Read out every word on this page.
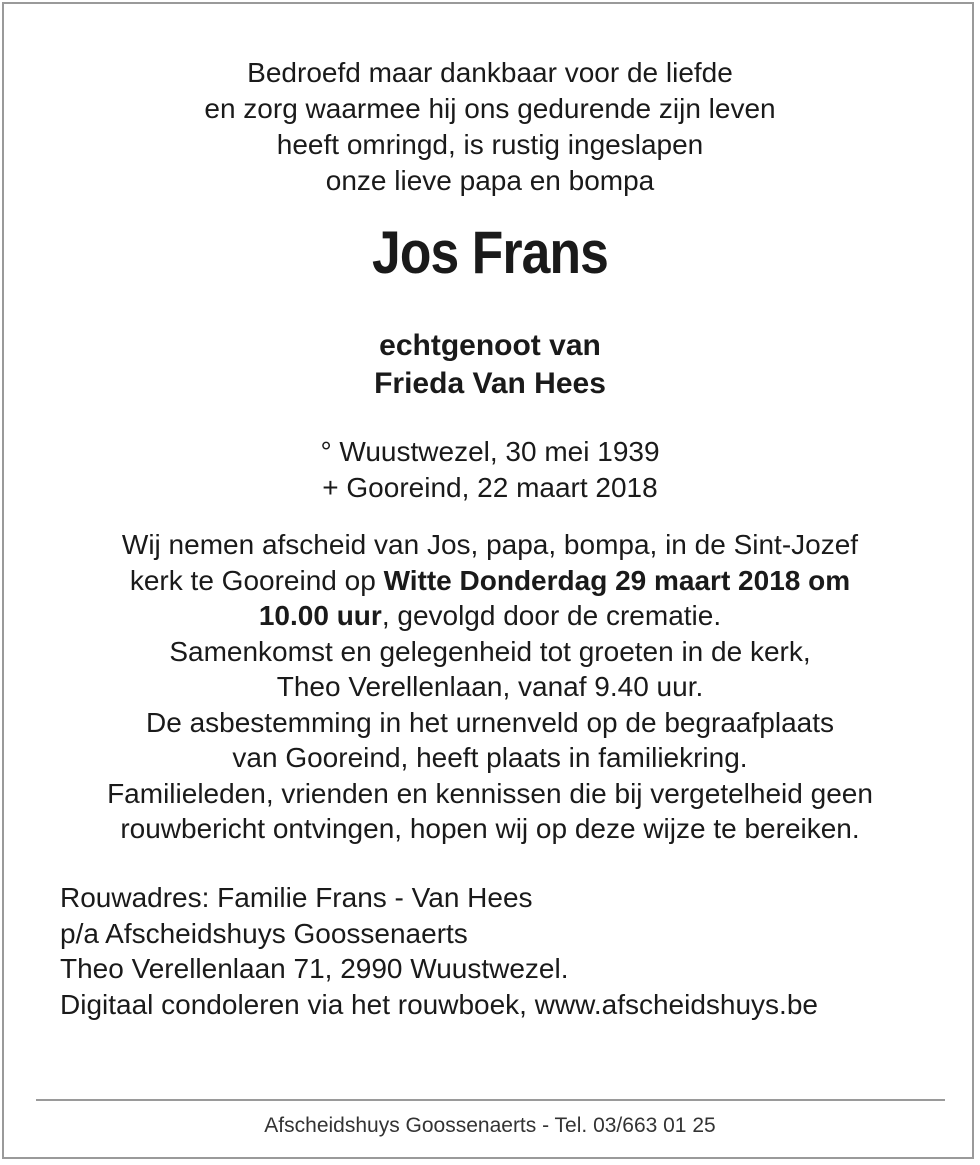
Bedroefd maar dankbaar voor de liefde
en zorg waarmee hij ons gedurende zijn leven
heeft omringd, is rustig ingeslapen
onze lieve papa en bompa
Jos Frans
echtgenoot van
Frieda Van Hees
° Wuustwezel, 30 mei 1939
+ Gooreind, 22 maart 2018
Wij nemen afscheid van Jos, papa, bompa, in de Sint-Jozef
kerk te Gooreind op Witte Donderdag 29 maart 2018 om
10.00 uur, gevolgd door de crematie.
Samenkomst en gelegenheid tot groeten in de kerk,
Theo Verellenlaan, vanaf 9.40 uur.
De asbestemming in het urnenveld op de begraafplaats
van Gooreind, heeft plaats in familiekring.
Familieleden, vrienden en kennissen die bij vergetelheid geen
rouwbericht ontvingen, hopen wij op deze wijze te bereiken.
Rouwadres: Familie Frans - Van Hees
p/a Afscheidshuys Goossenaerts
Theo Verellenlaan 71, 2990 Wuustwezel.
Digitaal condoleren via het rouwboek, www.afscheidshuys.be
Afscheidshuys Goossenaerts - Tel. 03/663 01 25
